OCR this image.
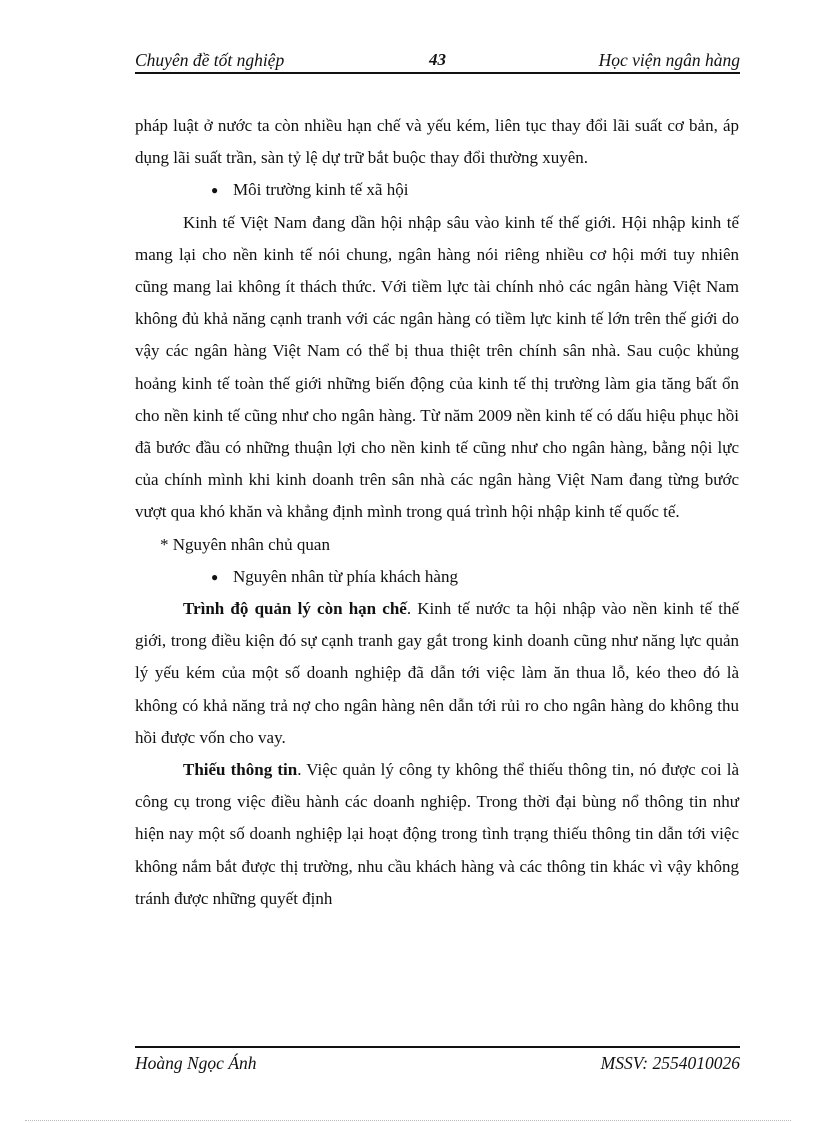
Chuyên đề tốt nghiệp	43	Học viện ngân hàng

pháp luật ở nước ta còn nhiều hạn chế và yếu kém, liên tục thay đổi lãi suất cơ bản, áp dụng lãi suất trần, sàn tỷ lệ dự trữ bắt buộc thay đổi thường xuyên.

● Môi trường kinh tế xã hội

Kinh tế Việt Nam đang dần hội nhập sâu vào kinh tế thế giới. Hội nhập kinh tế mang lại cho nền kinh tế nói chung, ngân hàng nói riêng nhiều cơ hội mới tuy nhiên cũng mang lai không ít thách thức. Với tiềm lực tài chính nhỏ các ngân hàng Việt Nam không đủ khả năng cạnh tranh với các ngân hàng có tiềm lực kinh tế lớn trên thế giới do vậy các ngân hàng Việt Nam có thể bị thua thiệt trên chính sân nhà. Sau cuộc khủng hoảng kinh tế toàn thế giới những biến động của kinh tế thị trường làm gia tăng bất ổn cho nền kinh tế cũng như cho ngân hàng. Từ năm 2009 nền kinh tế có dấu hiệu phục hồi đã bước đầu có những thuận lợi cho nền kinh tế cũng như cho ngân hàng, bằng nội lực của chính mình khi kinh doanh trên sân nhà các ngân hàng Việt Nam đang từng bước vượt qua khó khăn và khẳng định mình trong quá trình hội nhập kinh tế quốc tế.

* Nguyên nhân chủ quan
● Nguyên nhân từ phía khách hàng

Trình độ quản lý còn hạn chế. Kinh tế nước ta hội nhập vào nền kinh tế thế giới, trong điều kiện đó sự cạnh tranh gay gắt trong kinh doanh cũng như năng lực quản lý yếu kém của một số doanh nghiệp đã dẫn tới việc làm ăn thua lỗ, kéo theo đó là không có khả năng trả nợ cho ngân hàng nên dẫn tới rủi ro cho ngân hàng do không thu hồi được vốn cho vay.

Thiếu thông tin. Việc quản lý công ty không thể thiếu thông tin, nó được coi là công cụ trong việc điều hành các doanh nghiệp. Trong thời đại bùng nổ thông tin như hiện nay một số doanh nghiệp lại hoạt động trong tình trạng thiếu thông tin dẫn tới việc không nắm bắt được thị trường, nhu cầu khách hàng và các thông tin khác vì vậy không tránh được những quyết định

Hoàng Ngọc Ánh	MSSV: 2554010026
